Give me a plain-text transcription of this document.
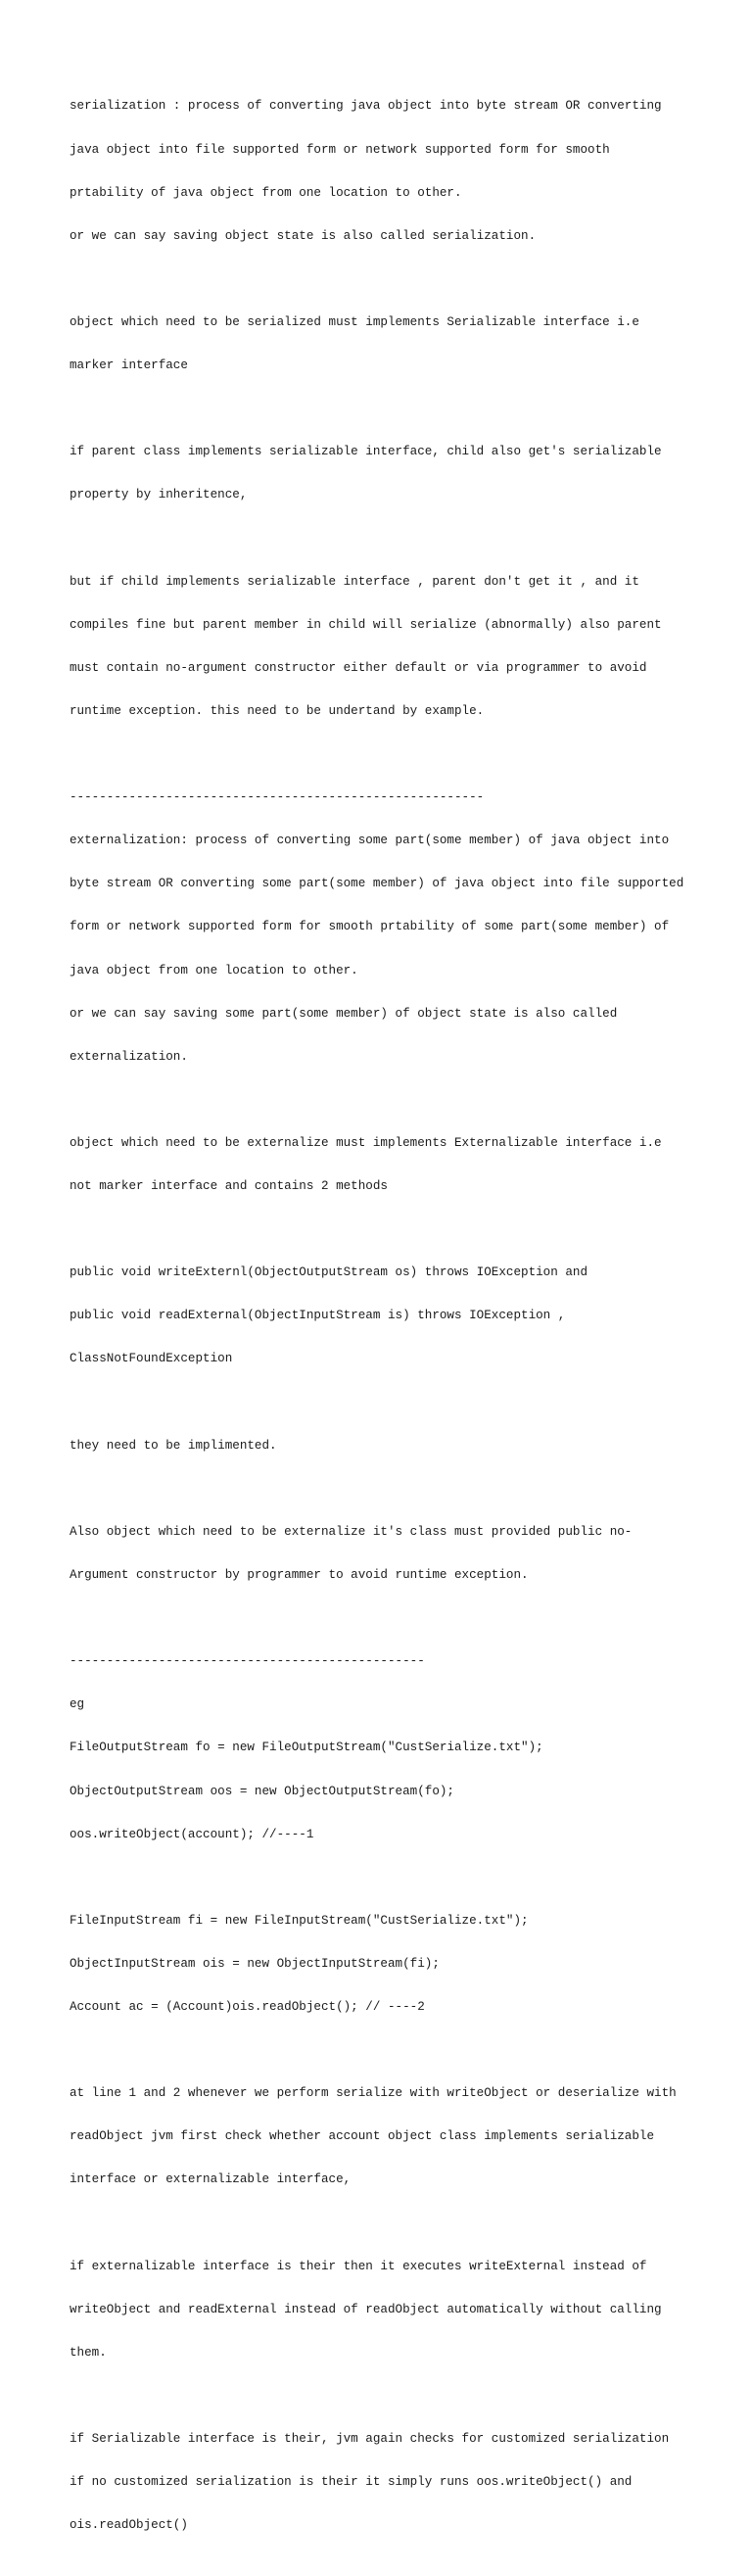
serialization : process of converting java object into byte stream OR converting

java object into file supported form or network supported form for smooth

prtability of java object from one location to other.

or we can say saving object state is also called serialization.

object which need to be serialized must implements Serializable interface i.e

marker interface

if parent class implements serializable interface, child also get's serializable

property by inheritence,

but if child implements serializable interface , parent don't get it , and it

compiles fine but parent member in child will serialize (abnormally) also parent

must contain no-argument constructor either default or via programmer to avoid

runtime exception. this need to be undertand by example.

--------------------------------------------------------

externalization: process of converting some part(some member) of java object into

byte stream OR converting some part(some member) of java object into file supported

form or network supported form for smooth prtability of some part(some member) of

java object from one location to other.

or we can say saving some part(some member) of object state is also called

externalization.

object which need to be externalize must implements Externalizable interface i.e

not marker interface and contains 2 methods

public void writeExternl(ObjectOutputStream os) throws IOException and

public void readExternal(ObjectInputStream is) throws IOException ,

ClassNotFoundException

they need to be implimented.

Also object which need to be externalize it's class must provided public no-

Argument constructor by programmer to avoid runtime exception.

------------------------------------------------

eg

FileOutputStream fo = new FileOutputStream("CustSerialize.txt");

ObjectOutputStream oos = new ObjectOutputStream(fo);

oos.writeObject(account); //----1

FileInputStream fi = new FileInputStream("CustSerialize.txt");

ObjectInputStream ois = new ObjectInputStream(fi);

Account ac = (Account)ois.readObject(); // ----2

at line 1 and 2 whenever we perform serialize with writeObject or deserialize with

readObject jvm first check whether account object class implements serializable

interface or externalizable interface,

if externalizable interface is their then it executes writeExternal instead of

writeObject and readExternal instead of readObject automatically without calling

them.

if Serializable interface is their, jvm again checks for customized serialization

if no customized serialization is their it simply runs oos.writeObject() and

ois.readObject()
